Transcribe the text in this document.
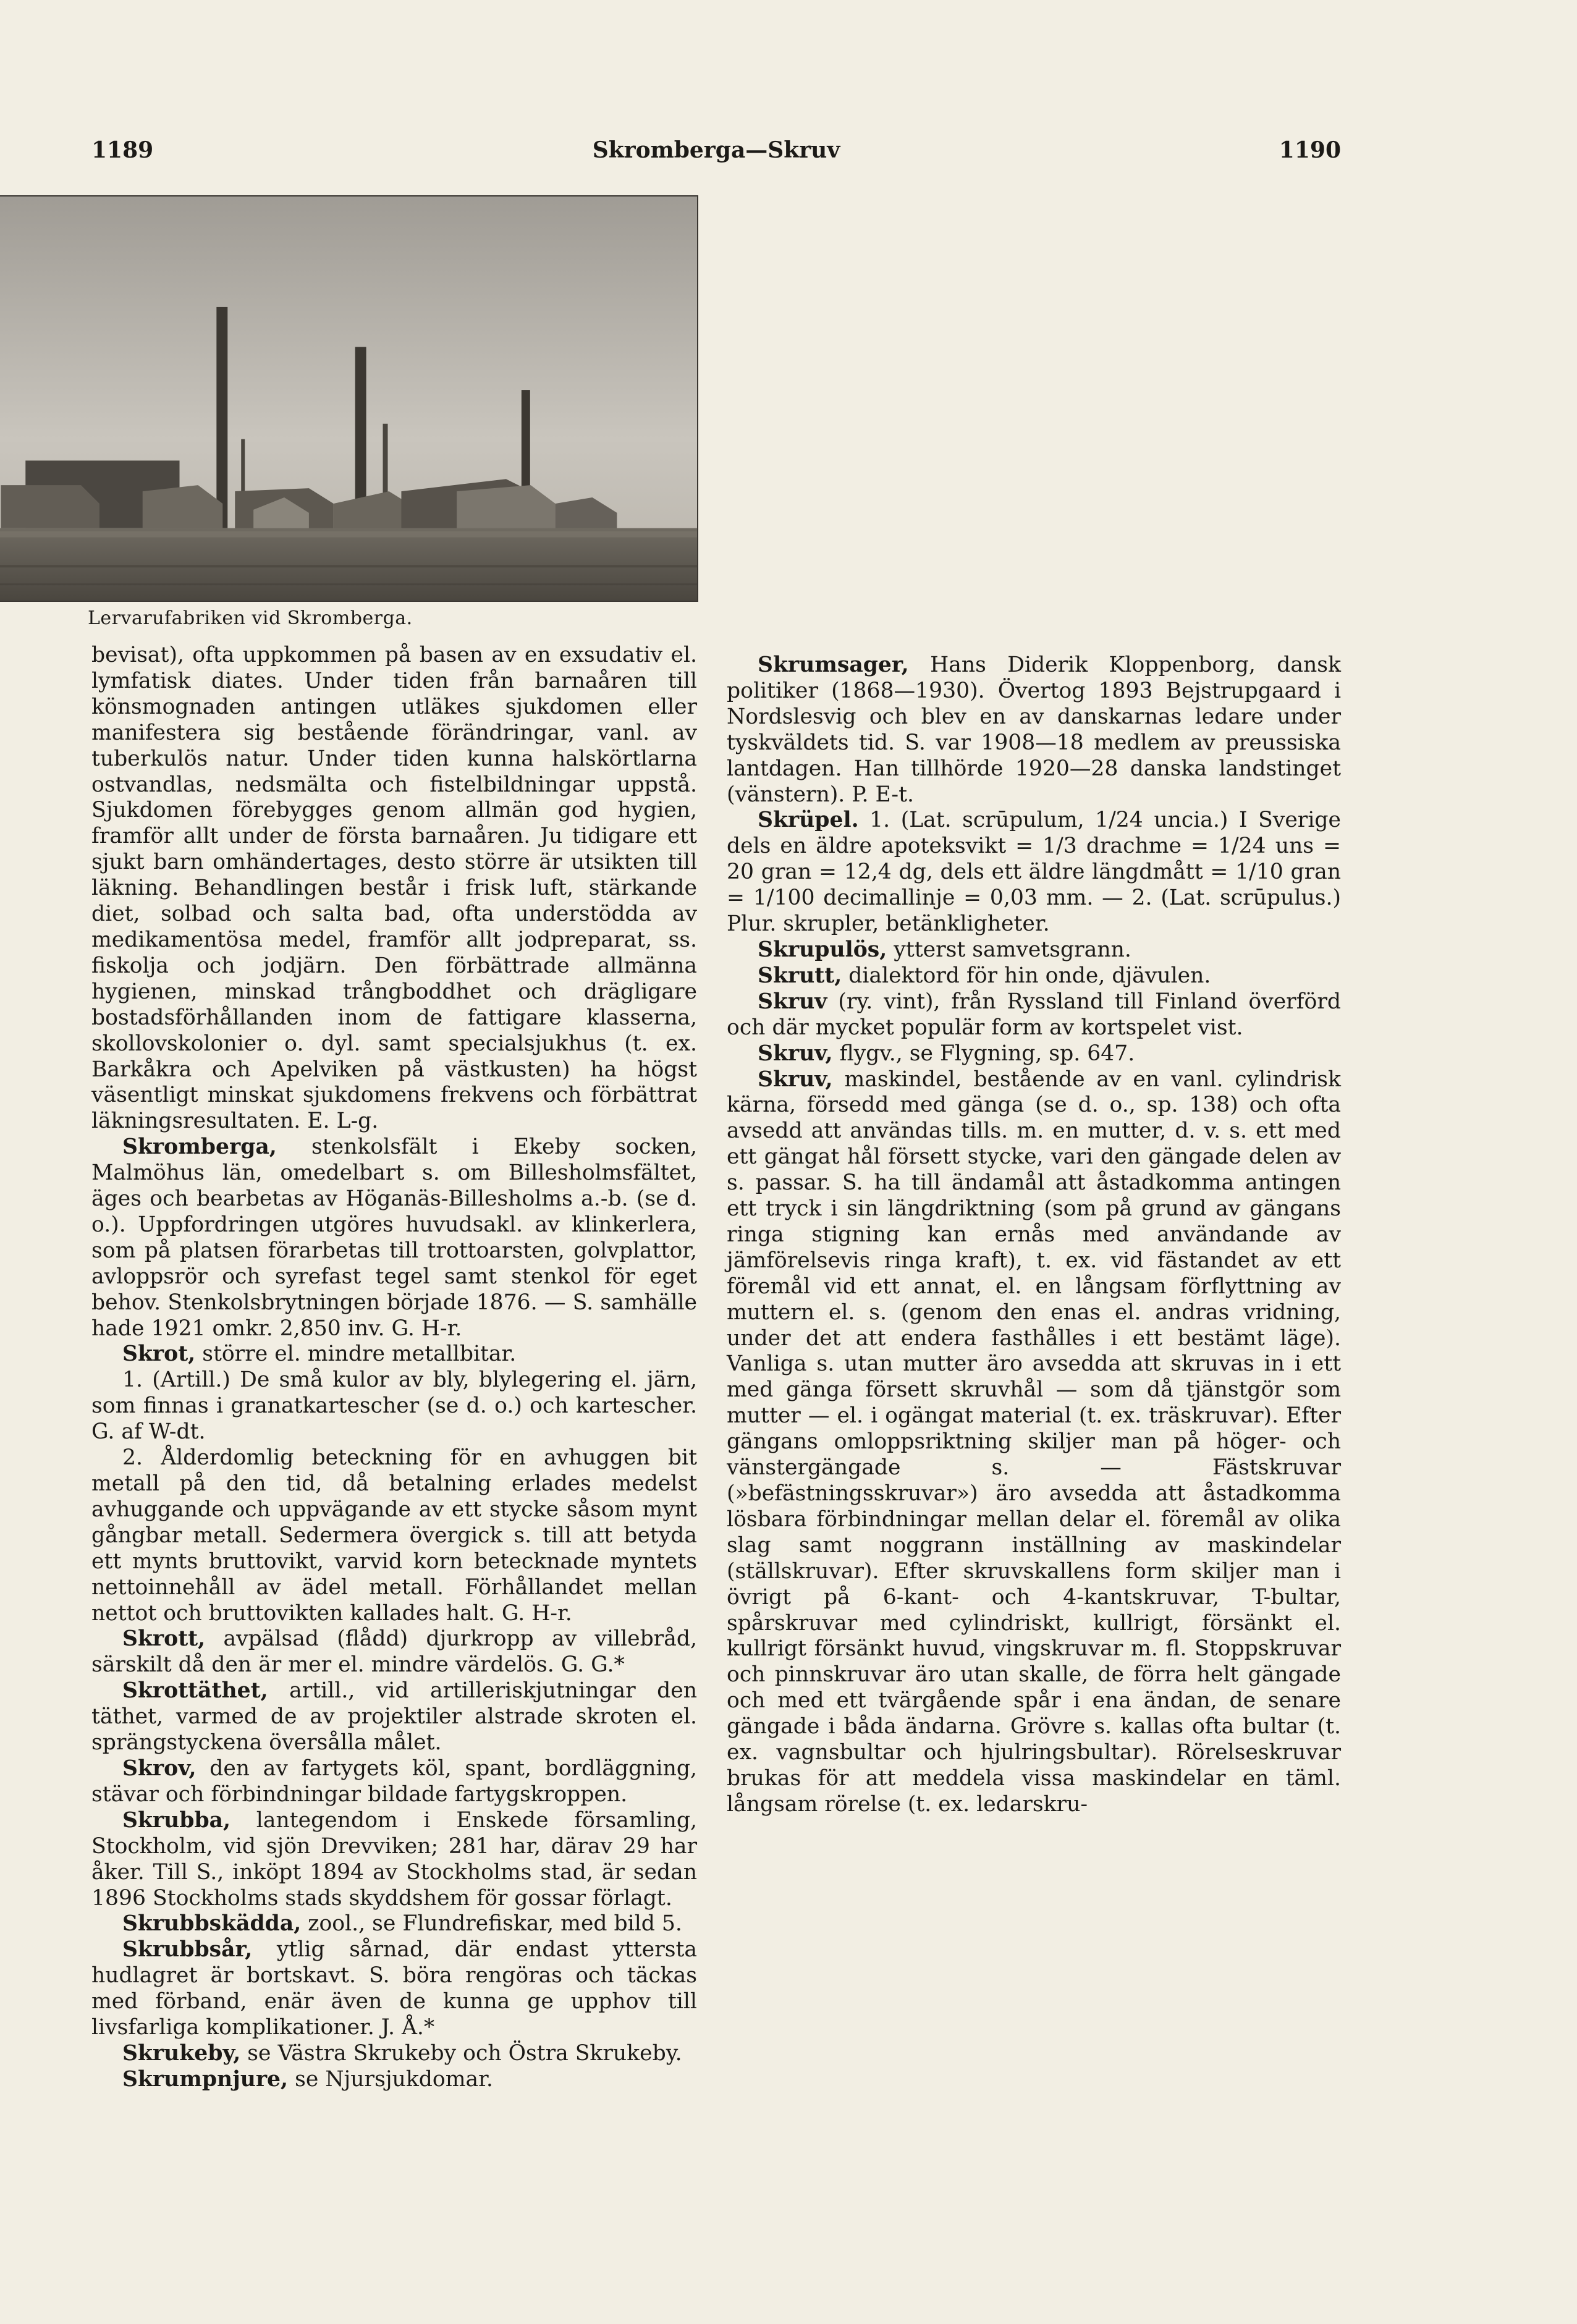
1189	Skromberga—Skruv	1190
Lervarufabriken vid Skromberga.

bevisat), ofta uppkommen på basen av en exsudativ el. lymfatisk diates. Under tiden från barnaåren till könsmognaden antingen utläkes sjukdomen eller manifestera sig bestående förändringar, vanl. av tuberkulös natur. Under tiden kunna halskörtlarna ostvandlas, nedsmälta och fistelbildningar uppstå. Sjukdomen förebygges genom allmän god hygien, framför allt under de första barnaåren. Ju tidigare ett sjukt barn omhändertages, desto större är utsikten till läkning. Behandlingen består i frisk luft, stärkande diet, solbad och salta bad, ofta understödda av medikamentösa medel, framför allt jodpreparat, ss. fiskolja och jodjärn. Den förbättrade allmänna hygienen, minskad trångboddhet och drägligare bostadsförhållanden inom de fattigare klasserna, skollovskolonier o. dyl. samt specialsjukhus (t. ex. Barkåkra och Apelviken på västkusten) ha högst väsentligt minskat sjukdomens frekvens och förbättrat läkningsresultaten. E. L-g.

Skromberga, stenkolsfält i Ekeby socken, Malmöhus län, omedelbart s. om Billesholmsfältet, äges och bearbetas av Höganäs-Billesholms a.-b. (se d. o.). Uppfordringen utgöres huvudsakl. av klinkerlera, som på platsen förarbetas till trottoarsten, golvplattor, avloppsrör och syrefast tegel samt stenkol för eget behov. Stenkolsbrytningen började 1876. — S. samhälle hade 1921 omkr. 2,850 inv. G. H-r.

Skrot, större el. mindre metallbitar.

1. (Artill.) De små kulor av bly, blylegering el. järn, som finnas i granatkartescher (se d. o.) och kartescher. G. af W-dt.

2. Ålderdomlig beteckning för en avhuggen bit metall på den tid, då betalning erlades medelst avhuggande och uppvägande av ett stycke såsom mynt gångbar metall. Sedermera övergick s. till att betyda ett mynts bruttovikt, varvid korn betecknade myntets nettoinnehåll av ädel metall. Förhållandet mellan nettot och bruttovikten kallades halt. G. H-r.

Skrott, avpälsad (flådd) djurkropp av villebråd, särskilt då den är mer el. mindre värdelös. G. G.*

Skrottäthet, artill., vid artilleriskjutningar den täthet, varmed de av projektiler alstrade skroten el. sprängstyckena översålla målet.

Skrov, den av fartygets köl, spant, bordläggning, stävar och förbindningar bildade fartygskroppen.

Skrubba, lantegendom i Enskede församling, Stockholm, vid sjön Drevviken; 281 har, därav 29 har åker. Till S., inköpt 1894 av Stockholms stad, är sedan 1896 Stockholms stads skyddshem för gossar förlagt.

Skrubbskädda, zool., se Flundrefiskar, med bild 5.

Skrubbsår, ytlig sårnad, där endast yttersta hudlagret är bortskavt. S. böra rengöras och täckas med förband, enär även de kunna ge upphov till livsfarliga komplikationer. J. Å.*

Skrukeby, se Västra Skrukeby och Östra Skrukeby.

Skrumpnjure, se Njursjukdomar.

Skrumsager, Hans Diderik Kloppenborg, dansk politiker (1868—1930). Övertog 1893 Bejstrupgaard i Nordslesvig och blev en av danskarnas ledare under tyskväldets tid. S. var 1908—18 medlem av preussiska lantdagen. Han tillhörde 1920—28 danska landstinget (vänstern). P. E-t.

Skrüpel. 1. (Lat. scrūpulum, 1/24 uncia.) I Sverige dels en äldre apoteksvikt = 1/3 drachme = 1/24 uns = 20 gran = 12,4 dg, dels ett äldre längdmått = 1/10 gran = 1/100 decimallinje = 0,03 mm. — 2. (Lat. scrūpulus.) Plur. skrupler, betänkligheter.

Skrupulös, ytterst samvetsgrann.

Skrutt, dialektord för hin onde, djävulen.

Skruv (ry. vint), från Ryssland till Finland överförd och där mycket populär form av kortspelet vist.

Skruv, flygv., se Flygning, sp. 647.

Skruv, maskindel, bestående av en vanl. cylindrisk kärna, försedd med gänga (se d. o., sp. 138) och ofta avsedd att användas tills. m. en mutter, d. v. s. ett med ett gängat hål försett stycke, vari den gängade delen av s. passar. S. ha till ändamål att åstadkomma antingen ett tryck i sin längdriktning (som på grund av gängans ringa stigning kan ernås med användande av jämförelsevis ringa kraft), t. ex. vid fästandet av ett föremål vid ett annat, el. en långsam förflyttning av muttern el. s. (genom den enas el. andras vridning, under det att endera fasthålles i ett bestämt läge). Vanliga s. utan mutter äro avsedda att skruvas in i ett med gänga försett skruvhål — som då tjänstgör som mutter — el. i ogängat material (t. ex. träskruvar). Efter gängans omloppsriktning skiljer man på höger- och vänstergängade s. — Fästskruvar (»befästningsskruvar») äro avsedda att åstadkomma lösbara förbindningar mellan delar el. föremål av olika slag samt noggrann inställning av maskindelar (ställskruvar). Efter skruvskallens form skiljer man i övrigt på 6-kant- och 4-kantskruvar, T-bultar, spårskruvar med cylindriskt, kullrigt, försänkt el. kullrigt försänkt huvud, vingskruvar m. fl. Stoppskruvar och pinnskruvar äro utan skalle, de förra helt gängade och med ett tvärgående spår i ena ändan, de senare gängade i båda ändarna. Grövre s. kallas ofta bultar (t. ex. vagnsbultar och hjulringsbultar). Rörelseskruvar brukas för att meddela vissa maskindelar en täml. långsam rörelse (t. ex. ledarskru-
